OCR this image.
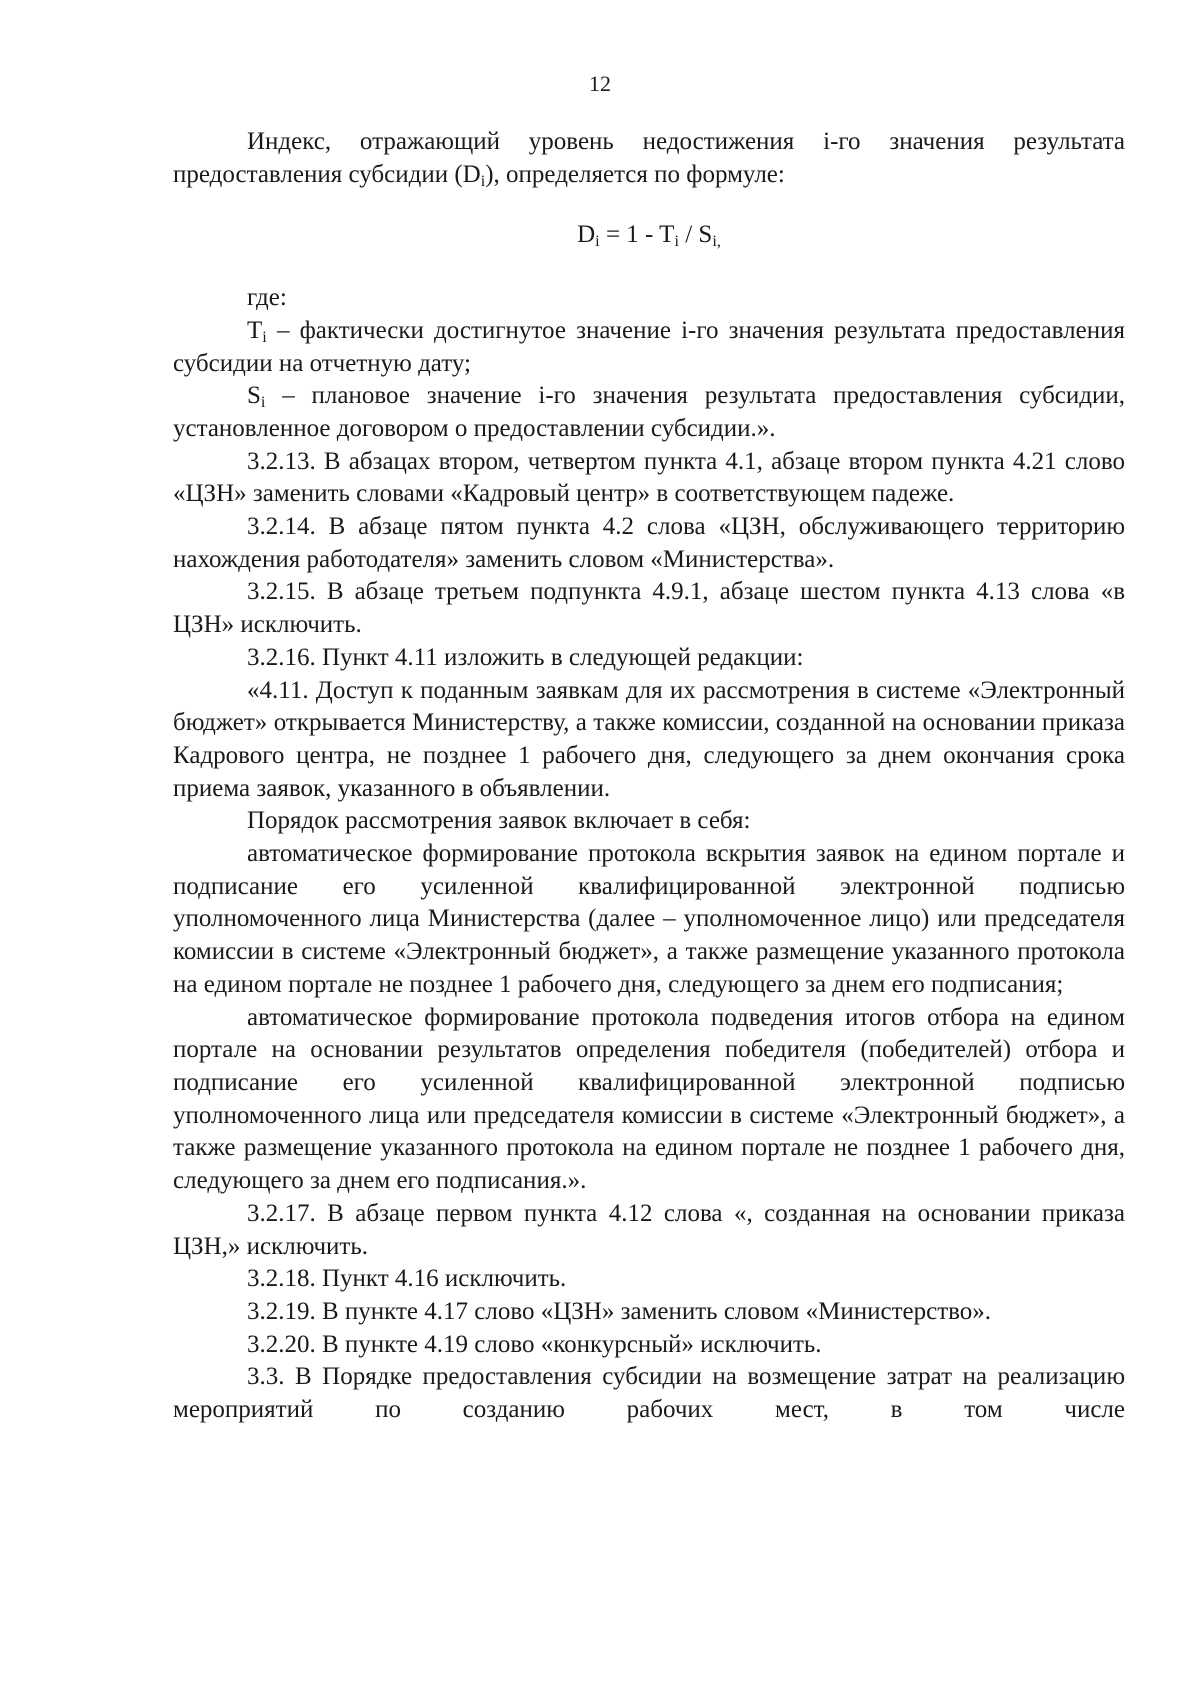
12

Индекс, отражающий уровень недостижения i-го значения результата предоставления субсидии $(D_i)$, определяется по формуле:

$D_i = 1 - T_i / S_{i,}$

где:

$T_i$ – фактически достигнутое значение i-го значения результата предоставления субсидии на отчетную дату;

$S_i$ – плановое значение i-го значения результата предоставления субсидии, установленное договором о предоставлении субсидии.».

3.2.13. В абзацах втором, четвертом пункта 4.1, абзаце втором пункта 4.21 слово «ЦЗН» заменить словами «Кадровый центр» в соответствующем падеже.

3.2.14. В абзаце пятом пункта 4.2 слова «ЦЗН, обслуживающего территорию нахождения работодателя» заменить словом «Министерства».

3.2.15. В абзаце третьем подпункта 4.9.1, абзаце шестом пункта 4.13 слова «в ЦЗН» исключить.

3.2.16. Пункт 4.11 изложить в следующей редакции:

«4.11. Доступ к поданным заявкам для их рассмотрения в системе «Электронный бюджет» открывается Министерству, а также комиссии, созданной на основании приказа Кадрового центра, не позднее 1 рабочего дня, следующего за днем окончания срока приема заявок, указанного в объявлении.

Порядок рассмотрения заявок включает в себя:

автоматическое формирование протокола вскрытия заявок на едином портале и подписание его усиленной квалифицированной электронной подписью уполномоченного лица Министерства (далее – уполномоченное лицо) или председателя комиссии в системе «Электронный бюджет», а также размещение указанного протокола на едином портале не позднее 1 рабочего дня, следующего за днем его подписания;

автоматическое формирование протокола подведения итогов отбора на едином портале на основании результатов определения победителя (победителей) отбора и подписание его усиленной квалифицированной электронной подписью уполномоченного лица или председателя комиссии в системе «Электронный бюджет», а также размещение указанного протокола на едином портале не позднее 1 рабочего дня, следующего за днем его подписания.».

3.2.17. В абзаце первом пункта 4.12 слова «, созданная на основании приказа ЦЗН,» исключить.

3.2.18. Пункт 4.16 исключить.

3.2.19. В пункте 4.17 слово «ЦЗН» заменить словом «Министерство».

3.2.20. В пункте 4.19 слово «конкурсный» исключить.

3.3. В Порядке предоставления субсидии на возмещение затрат на реализацию мероприятий по созданию рабочих мест, в том числе
